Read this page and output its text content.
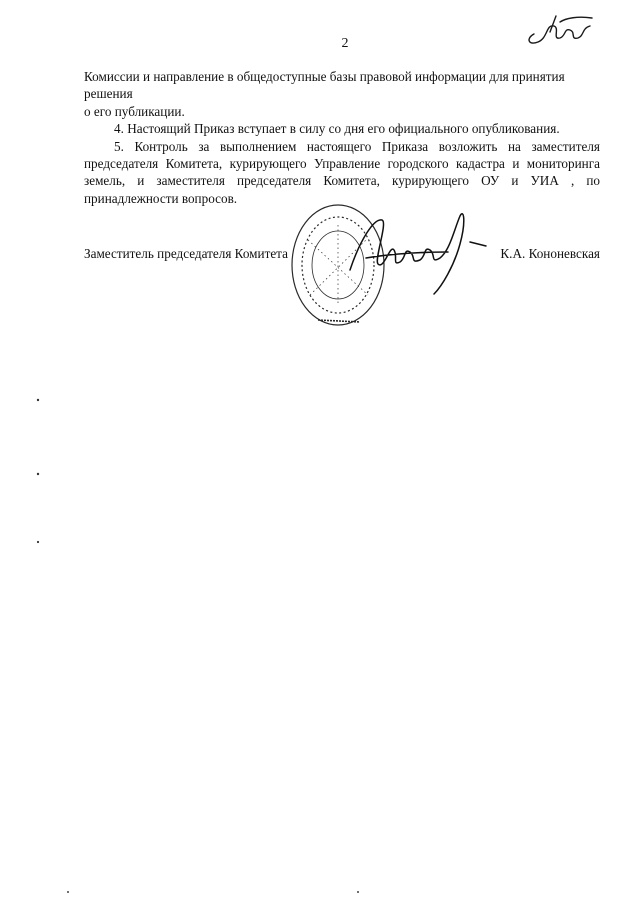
2

Комиссии и направление в общедоступные базы правовой информации для принятия решения

о его публикации.

4. Настоящий Приказ вступает в силу со дня его официального опубликования.

5. Контроль за выполнением настоящего Приказа возложить на заместителя председателя Комитета, курирующего Управление городского кадастра и мониторинга земель, и заместителя председателя Комитета, курирующего ОУ и УИА , по принадлежности вопросов.

Заместитель председателя Комитета	К.А. Кононевская
